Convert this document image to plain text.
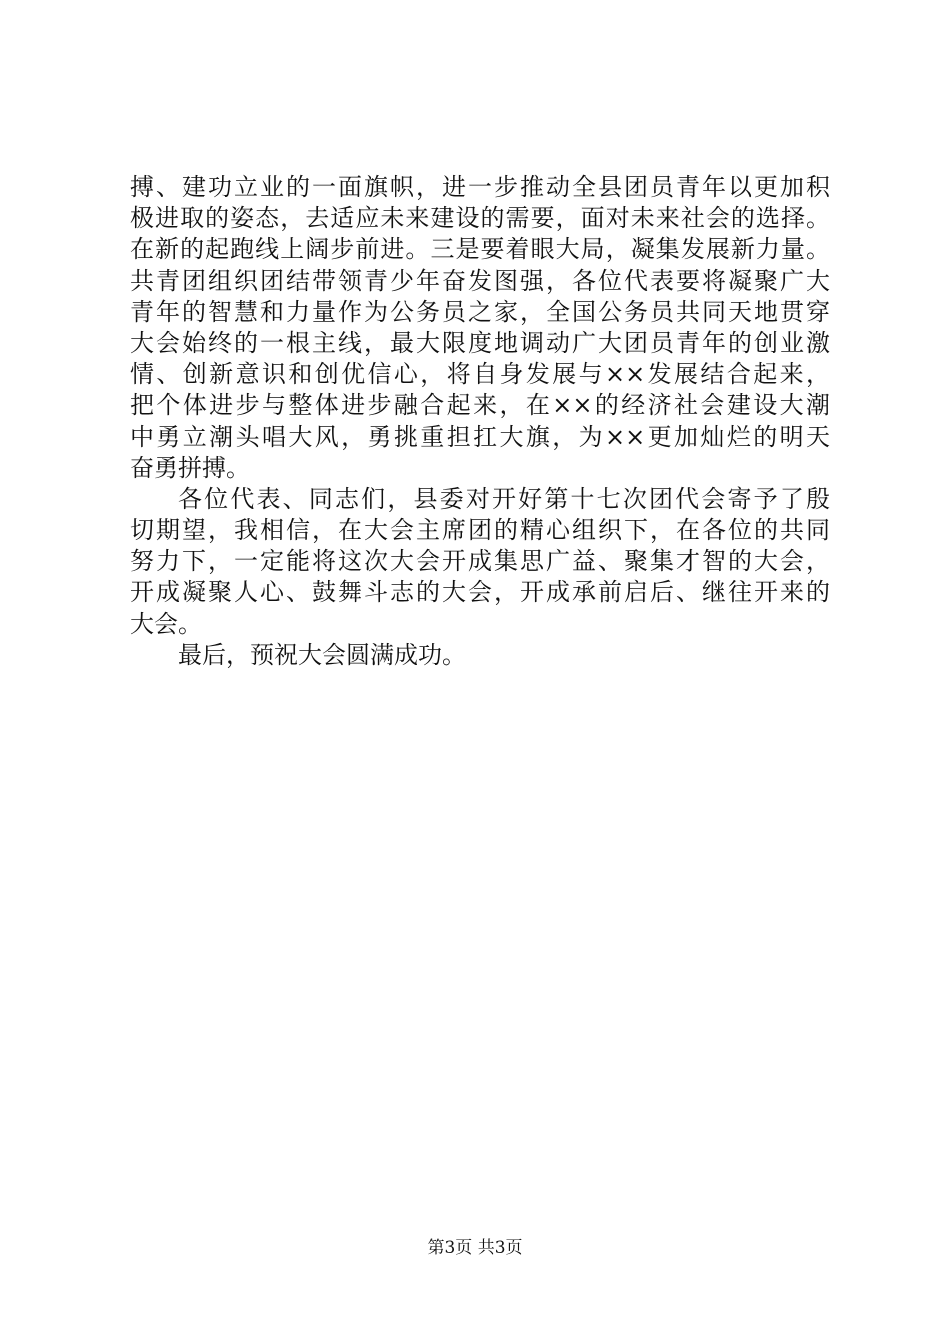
搏、建功立业的一面旗帜，进一步推动全县团员青年以更加积
极进取的姿态，去适应未来建设的需要，面对未来社会的选择。
在新的起跑线上阔步前进。三是要着眼大局，凝集发展新力量。
共青团组织团结带领青少年奋发图强，各位代表要将凝聚广大
青年的智慧和力量作为公务员之家，全国公务员共同天地贯穿
大会始终的一根主线，最大限度地调动广大团员青年的创业激
情、创新意识和创优信心，将自身发展与××发展结合起来，
把个体进步与整体进步融合起来，在××的经济社会建设大潮
中勇立潮头唱大风，勇挑重担扛大旗，为××更加灿烂的明天
奋勇拼搏。
各位代表、同志们，县委对开好第十七次团代会寄予了殷
切期望，我相信，在大会主席团的精心组织下，在各位的共同
努力下，一定能将这次大会开成集思广益、聚集才智的大会，
开成凝聚人心、鼓舞斗志的大会，开成承前启后、继往开来的
大会。
最后，预祝大会圆满成功。
第3页 共3页
